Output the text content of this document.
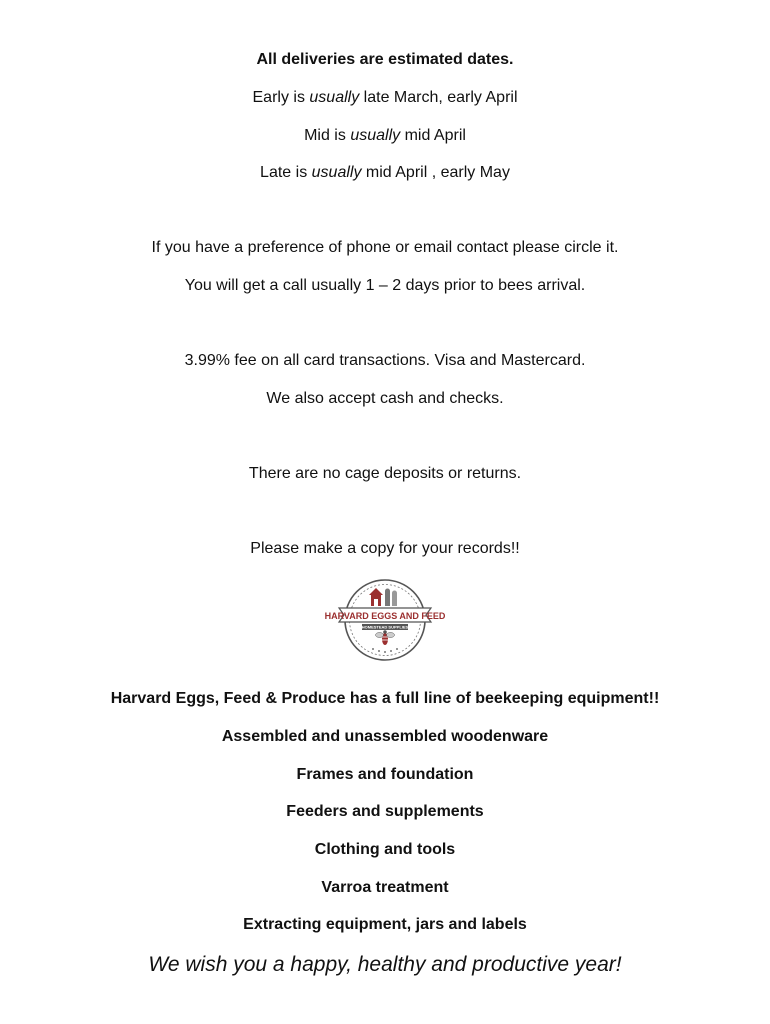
All deliveries are estimated dates.
Early is usually late March, early April
Mid is usually mid April
Late is usually mid April , early May
If you have a preference of phone or email contact please circle it.
You will get a call usually 1 – 2 days prior to bees arrival.
3.99% fee on all card transactions. Visa and Mastercard.
We also accept cash and checks.
There are no cage deposits or returns.
Please make a copy for your records!!
HARVARD EGGS AND FEED
HOMESTEAD SUPPLIES
Harvard Eggs, Feed & Produce has a full line of beekeeping equipment!!
Assembled and unassembled woodenware
Frames and foundation
Feeders and supplements
Clothing and tools
Varroa treatment
Extracting equipment, jars and labels
We wish you a happy, healthy and productive year!
